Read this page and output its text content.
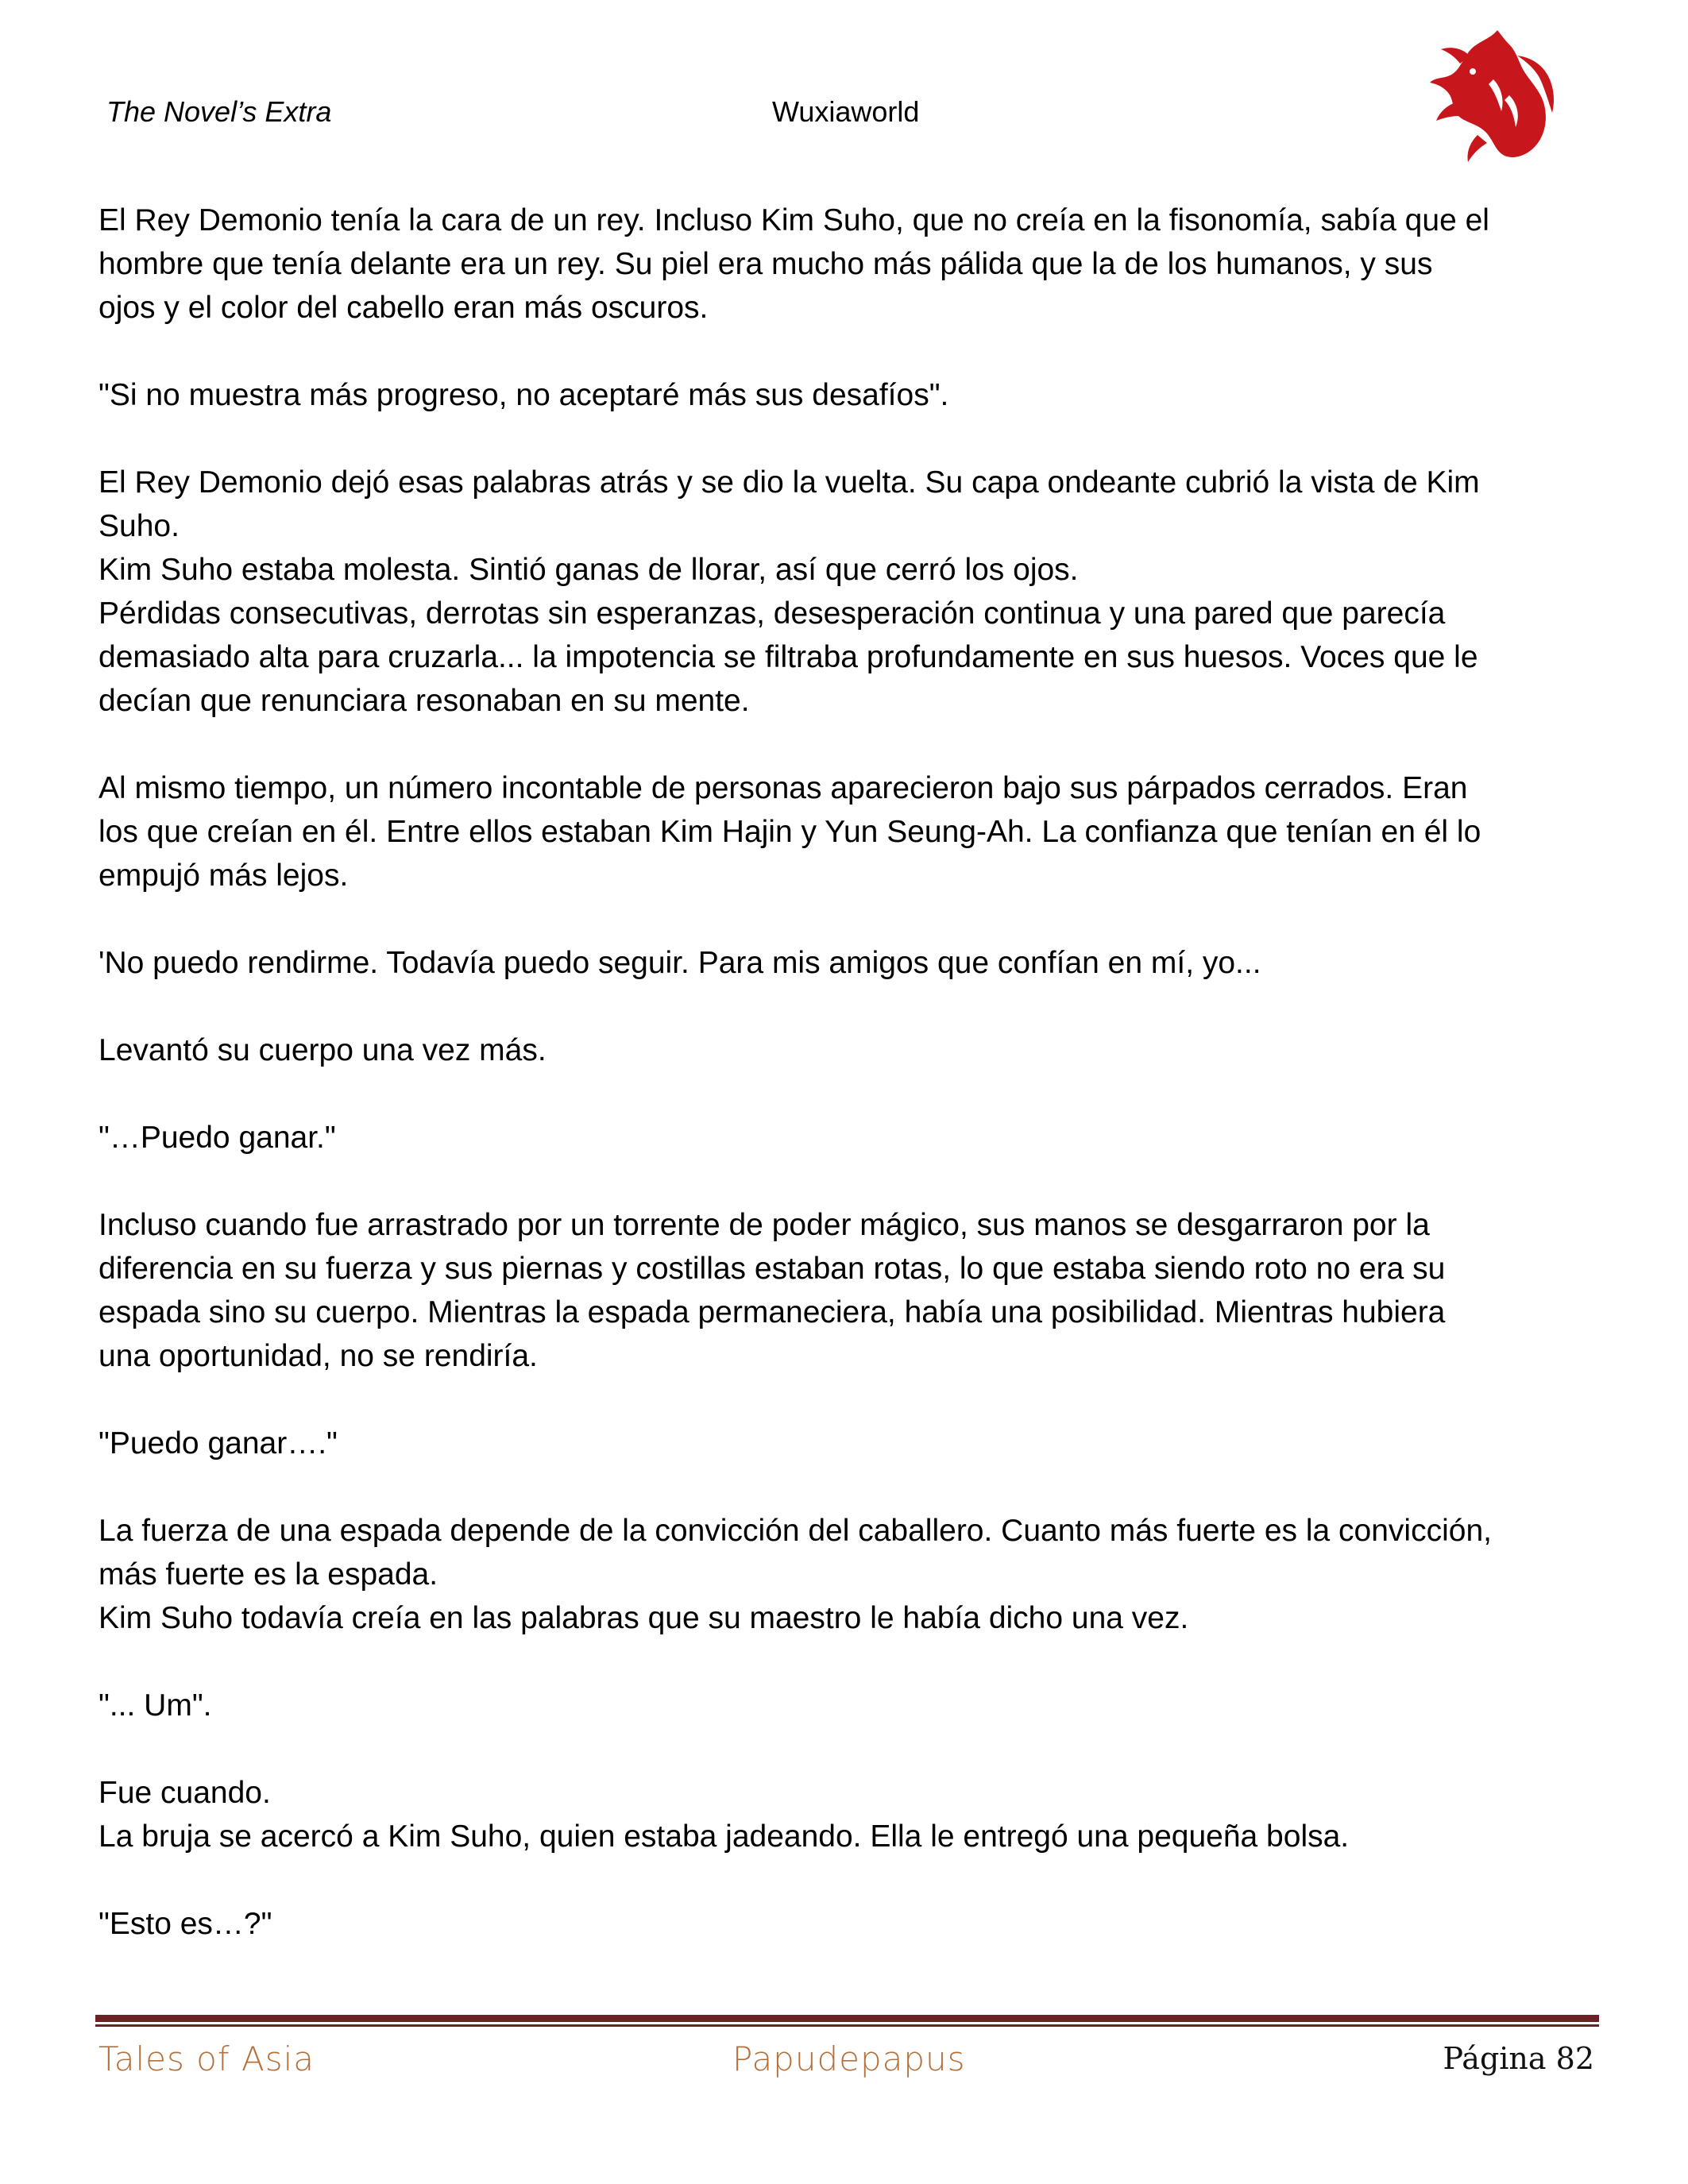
The Novel’s Extra	Wuxiaworld

El Rey Demonio tenía la cara de un rey. Incluso Kim Suho, que no creía en la fisonomía, sabía que el
hombre que tenía delante era un rey. Su piel era mucho más pálida que la de los humanos, y sus
ojos y el color del cabello eran más oscuros.

"Si no muestra más progreso, no aceptaré más sus desafíos".

El Rey Demonio dejó esas palabras atrás y se dio la vuelta. Su capa ondeante cubrió la vista de Kim
Suho.
Kim Suho estaba molesta. Sintió ganas de llorar, así que cerró los ojos.
Pérdidas consecutivas, derrotas sin esperanzas, desesperación continua y una pared que parecía
demasiado alta para cruzarla... la impotencia se filtraba profundamente en sus huesos. Voces que le
decían que renunciara resonaban en su mente.

Al mismo tiempo, un número incontable de personas aparecieron bajo sus párpados cerrados. Eran
los que creían en él. Entre ellos estaban Kim Hajin y Yun Seung-Ah. La confianza que tenían en él lo
empujó más lejos.

'No puedo rendirme. Todavía puedo seguir. Para mis amigos que confían en mí, yo...

Levantó su cuerpo una vez más.

"…Puedo ganar."

Incluso cuando fue arrastrado por un torrente de poder mágico, sus manos se desgarraron por la
diferencia en su fuerza y sus piernas y costillas estaban rotas, lo que estaba siendo roto no era su
espada sino su cuerpo. Mientras la espada permaneciera, había una posibilidad. Mientras hubiera
una oportunidad, no se rendiría.

"Puedo ganar…."

La fuerza de una espada depende de la convicción del caballero. Cuanto más fuerte es la convicción,
más fuerte es la espada.
Kim Suho todavía creía en las palabras que su maestro le había dicho una vez.

"... Um".

Fue cuando.
La bruja se acercó a Kim Suho, quien estaba jadeando. Ella le entregó una pequeña bolsa.

"Esto es…?"

Tales of Asia	Papudepapus	Página 82
